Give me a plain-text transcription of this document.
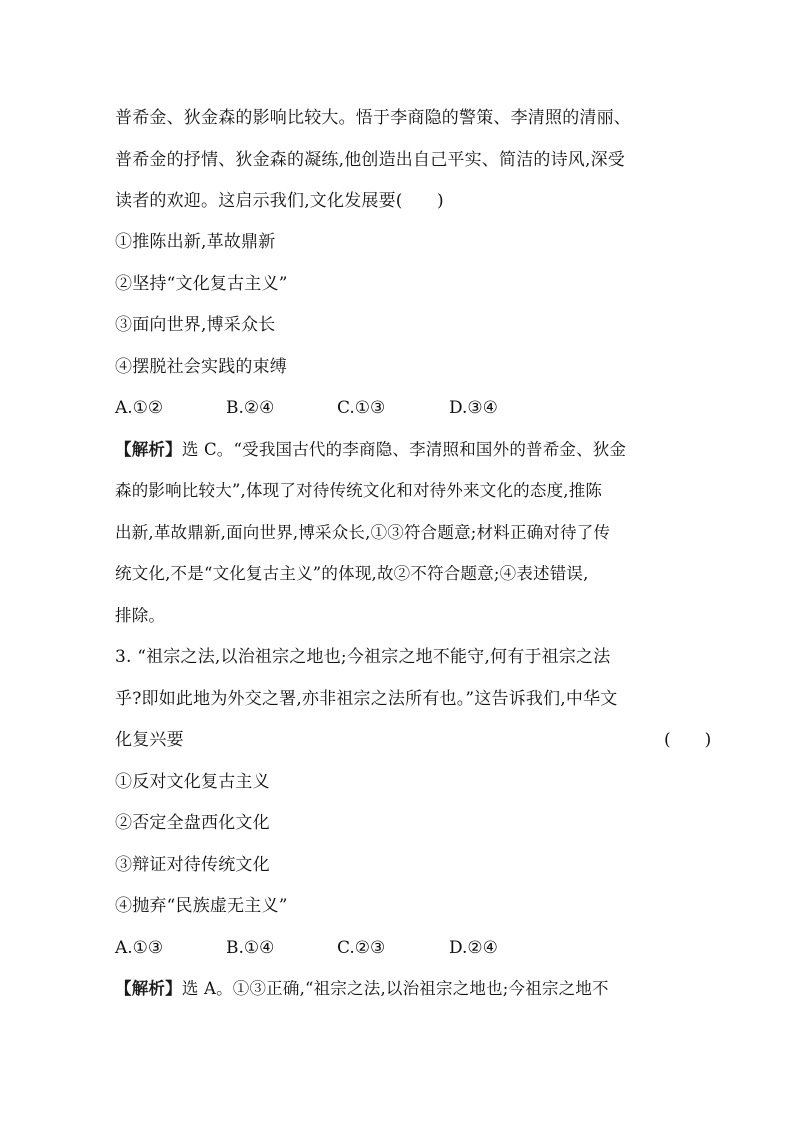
普希金、狄金森的影响比较大。悟于李商隐的警策、李清照的清丽、
普希金的抒情、狄金森的凝练,他创造出自己平实、简洁的诗风,深受
读者的欢迎。这启示我们,文化发展要(　　)
①推陈出新,革故鼎新
②坚持“文化复古主义”
③面向世界,博采众长
④摆脱社会实践的束缚
A.①②	B.②④	C.①③	D.③④
【解析】选 C。“受我国古代的李商隐、李清照和国外的普希金、狄金
森的影响比较大”,体现了对待传统文化和对待外来文化的态度,推陈
出新,革故鼎新,面向世界,博采众长,①③符合题意;材料正确对待了传
统文化,不是“文化复古主义”的体现,故②不符合题意;④表述错误,
排除。
3. “祖宗之法,以治祖宗之地也;今祖宗之地不能守,何有于祖宗之法
乎?即如此地为外交之署,亦非祖宗之法所有也。”这告诉我们,中华文
化复兴要	(　　)
①反对文化复古主义
②否定全盘西化文化
③辩证对待传统文化
④抛弃“民族虚无主义”
A.①③	B.①④	C.②③	D.②④
【解析】选 A。①③正确,“祖宗之法,以治祖宗之地也;今祖宗之地不
